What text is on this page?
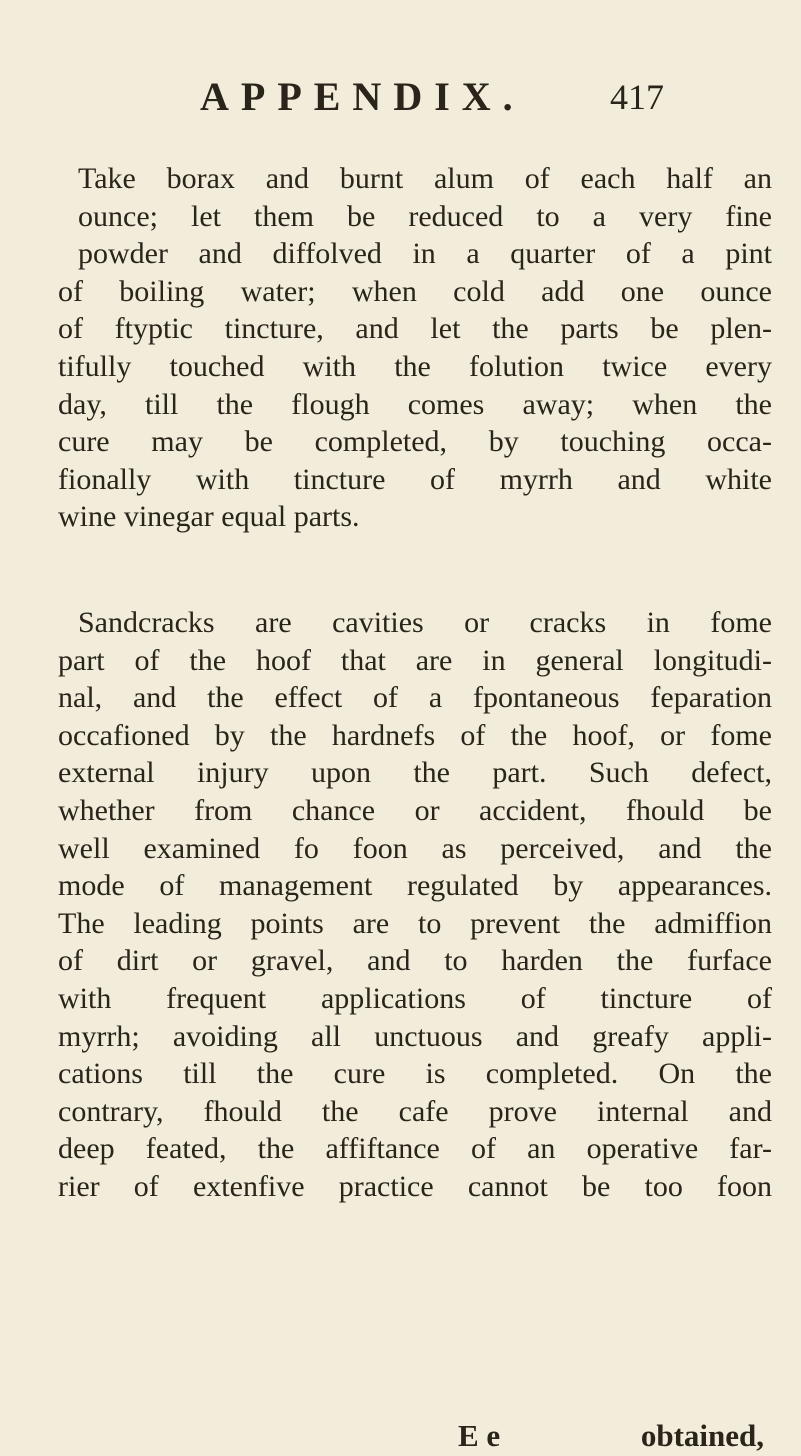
APPENDIX. 417
Take borax and burnt alum of each half an
ounce; let them be reduced to a very fine
powder and diffolved in a quarter of a pint
of boiling water; when cold add one ounce
of ftyptic tincture, and let the parts be plen-
tifully touched with the folution twice every
day, till the flough comes away; when the
cure may be completed, by touching occa-
fionally with tincture of myrrh and white
wine vinegar equal parts.
Sandcracks are cavities or cracks in fome
part of the hoof that are in general longitudi-
nal, and the effect of a fpontaneous feparation
occafioned by the hardnefs of the hoof, or fome
external injury upon the part. Such defect,
whether from chance or accident, fhould be
well examined fo foon as perceived, and the
mode of management regulated by appearances.
The leading points are to prevent the admiffion
of dirt or gravel, and to harden the furface
with frequent applications of tincture of
myrrh; avoiding all unctuous and greafy appli-
cations till the cure is completed. On the
contrary, fhould the cafe prove internal and
deep feated, the affiftance of an operative far-
rier of extenfive practice cannot be too foon
E e	obtained,
